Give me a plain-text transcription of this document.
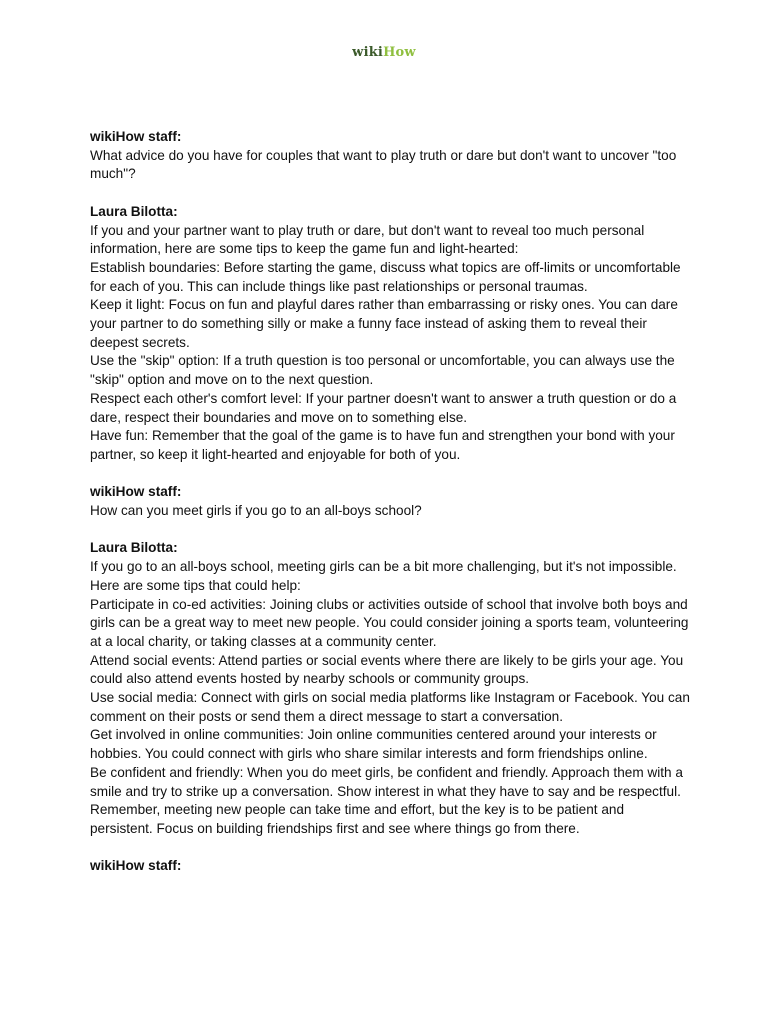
wikiHow
wikiHow staff:
What advice do you have for couples that want to play truth or dare but don't want to uncover "too much"?
Laura Bilotta:
If you and your partner want to play truth or dare, but don't want to reveal too much personal information, here are some tips to keep the game fun and light-hearted:
Establish boundaries: Before starting the game, discuss what topics are off-limits or uncomfortable for each of you. This can include things like past relationships or personal traumas.
Keep it light: Focus on fun and playful dares rather than embarrassing or risky ones. You can dare your partner to do something silly or make a funny face instead of asking them to reveal their deepest secrets.
Use the "skip" option: If a truth question is too personal or uncomfortable, you can always use the "skip" option and move on to the next question.
Respect each other's comfort level: If your partner doesn't want to answer a truth question or do a dare, respect their boundaries and move on to something else.
Have fun: Remember that the goal of the game is to have fun and strengthen your bond with your partner, so keep it light-hearted and enjoyable for both of you.
wikiHow staff:
How can you meet girls if you go to an all-boys school?
Laura Bilotta:
If you go to an all-boys school, meeting girls can be a bit more challenging, but it's not impossible. Here are some tips that could help:
Participate in co-ed activities: Joining clubs or activities outside of school that involve both boys and girls can be a great way to meet new people. You could consider joining a sports team, volunteering at a local charity, or taking classes at a community center.
Attend social events: Attend parties or social events where there are likely to be girls your age. You could also attend events hosted by nearby schools or community groups.
Use social media: Connect with girls on social media platforms like Instagram or Facebook. You can comment on their posts or send them a direct message to start a conversation.
Get involved in online communities: Join online communities centered around your interests or hobbies. You could connect with girls who share similar interests and form friendships online.
Be confident and friendly: When you do meet girls, be confident and friendly. Approach them with a smile and try to strike up a conversation. Show interest in what they have to say and be respectful.
Remember, meeting new people can take time and effort, but the key is to be patient and persistent. Focus on building friendships first and see where things go from there.
wikiHow staff:
